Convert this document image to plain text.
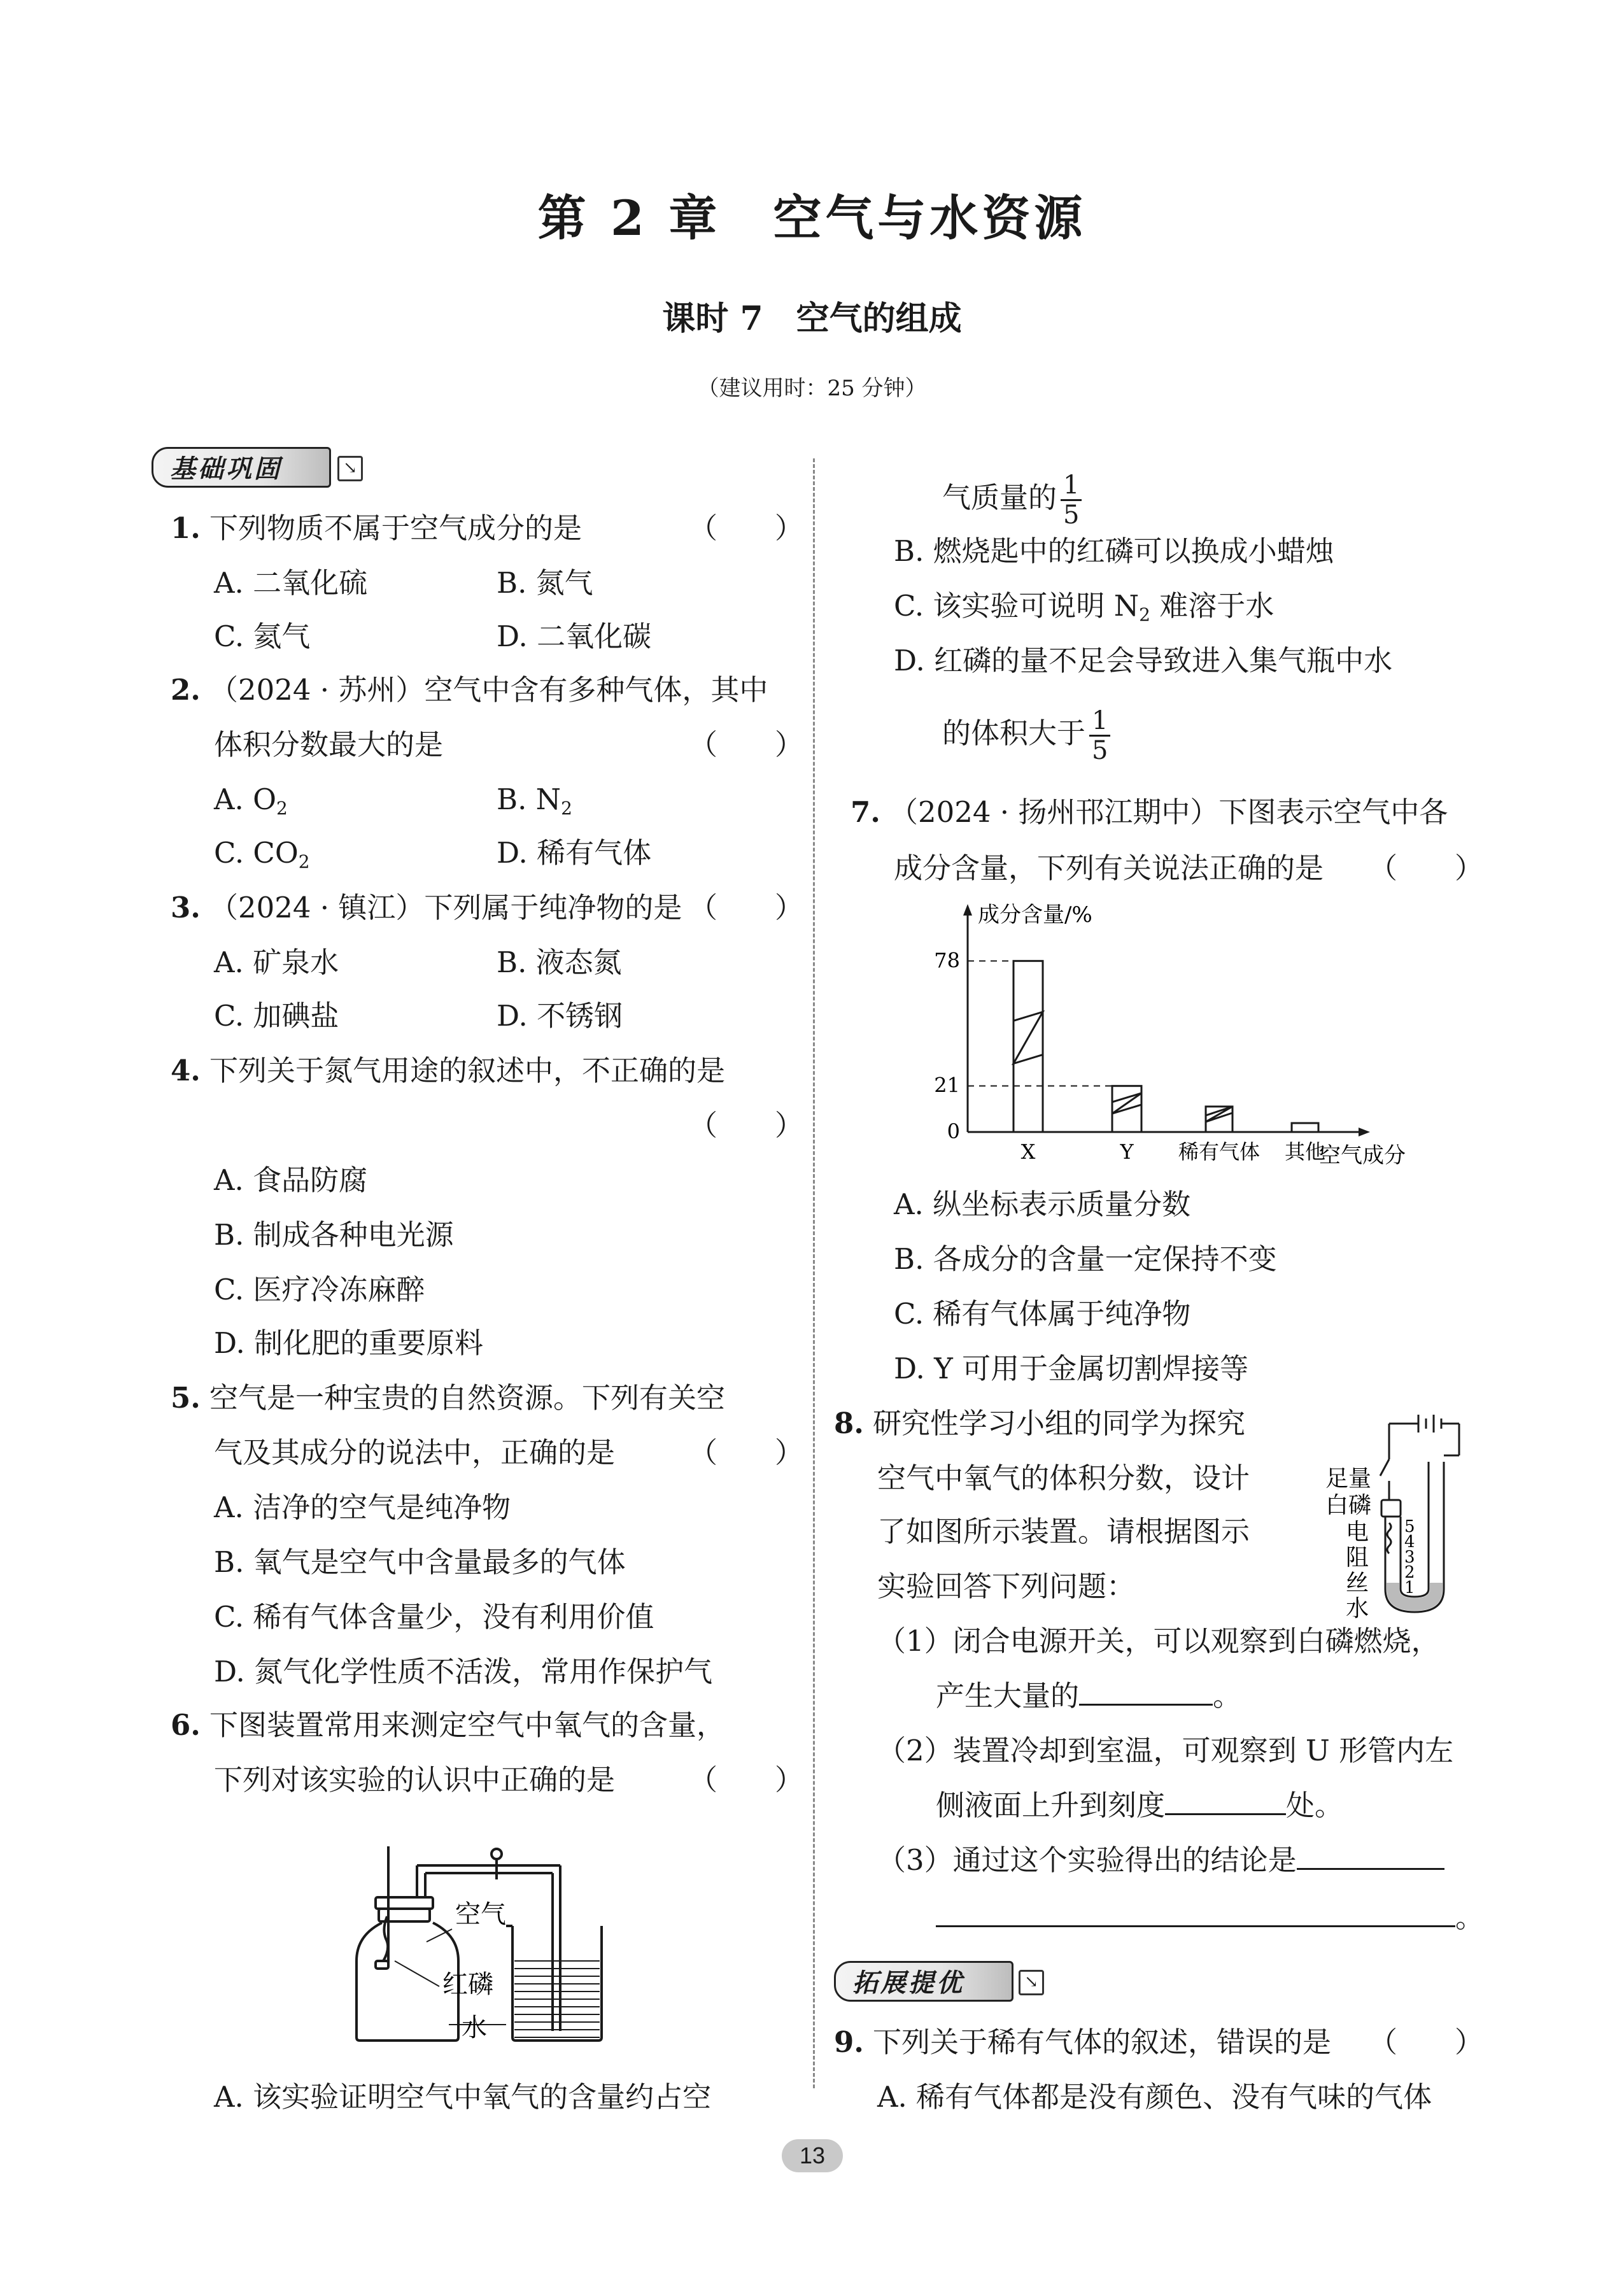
第 2 章　空气与水资源
课时 7　空气的组成
（建议用时：25 分钟）
基础巩固	↘
1. 下列物质不属于空气成分的是	（　　）
A. 二氧化硫	B. 氮气
C. 氦气	D. 二氧化碳
2. （2024 · 苏州）空气中含有多种气体，其中
体积分数最大的是	（　　）
A. $O_2$	B. $N_2$
C. $CO_2$	D. 稀有气体
3. （2024 · 镇江）下列属于纯净物的是 （　　）
A. 矿泉水	B. 液态氮
C. 加碘盐	D. 不锈钢
4. 下列关于氮气用途的叙述中，不正确的是
（　　）
A. 食品防腐
B. 制成各种电光源
C. 医疗冷冻麻醉
D. 制化肥的重要原料
5. 空气是一种宝贵的自然资源。下列有关空
气及其成分的说法中，正确的是	（　　）
A. 洁净的空气是纯净物
B. 氧气是空气中含量最多的气体
C. 稀有气体含量少，没有利用价值
D. 氮气化学性质不活泼，常用作保护气
6. 下图装置常用来测定空气中氧气的含量，
下列对该实验的认识中正确的是	（　　）
空气
红磷
水
A. 该实验证明空气中氧气的含量约占空
气质量的 $\frac{1}{5}$
B. 燃烧匙中的红磷可以换成小蜡烛
C. 该实验可说明 $N_2$ 难溶于水
D. 红磷的量不足会导致进入集气瓶中水
的体积大于 $\frac{1}{5}$
7. （2024 · 扬州邗江期中）下图表示空气中各
成分含量，下列有关说法正确的是 （　　）
成分含量/%
空气成分
X	Y 稀有气体 其他
78
21
0
A. 纵坐标表示质量分数
B. 各成分的含量一定保持不变
C. 稀有气体属于纯净物
D. Y 可用于金属切割焊接等
8. 研究性学习小组的同学为探究
空气中氧气的体积分数，设计
了如图所示装置。请根据图示
实验回答下列问题：
5
4
3
2
1
足量
白磷
电
阻
丝
水
（1）闭合电源开关，可以观察到白磷燃烧，
产生大量的	。
（2）装置冷却到室温，可观察到 U 形管内左
侧液面上升到刻度	处。
（3）通过这个实验得出的结论是
。
拓展提优	↘
9. 下列关于稀有气体的叙述，错误的是 （　　）
A. 稀有气体都是没有颜色、没有气味的气体
13
